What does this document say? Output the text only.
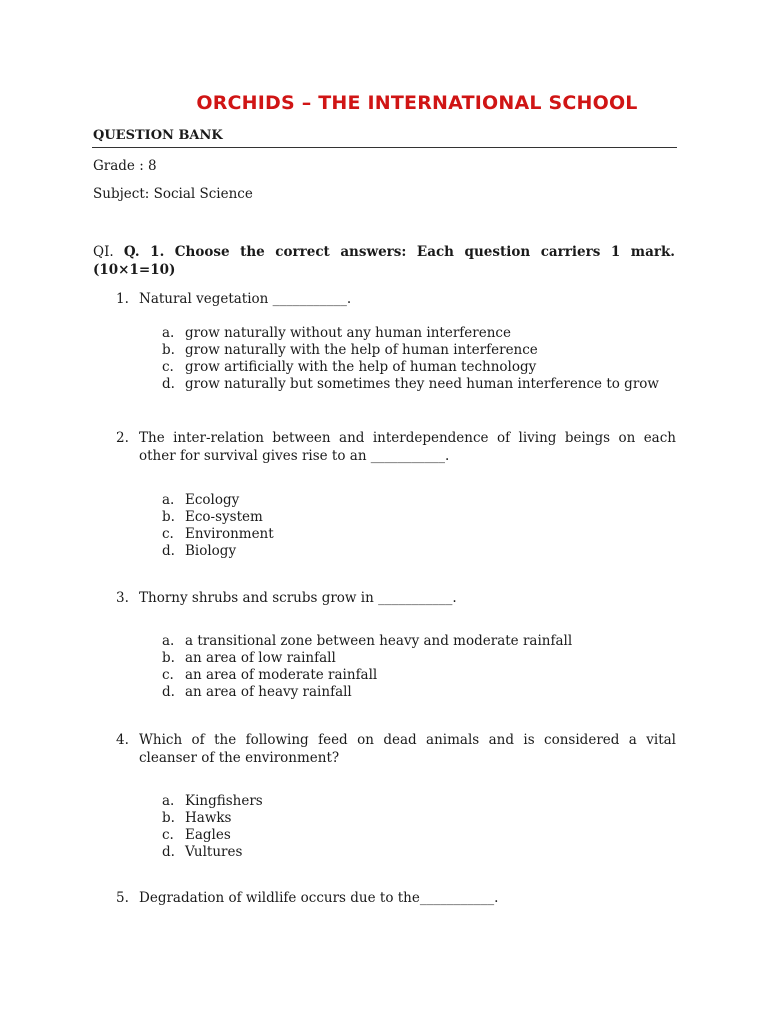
ORCHIDS – THE INTERNATIONAL SCHOOL
QUESTION BANK
Grade : 8
Subject: Social Science
QI. Q. 1. Choose the correct answers: Each question carriers 1 mark. (10×1=10)
1. Natural vegetation ___________.
a. grow naturally without any human interference
b. grow naturally with the help of human interference
c. grow artificially with the help of human technology
d. grow naturally but sometimes they need human interference to grow
2. The inter-relation between and interdependence of living beings on each other for survival gives rise to an ___________.
a. Ecology
b. Eco-system
c. Environment
d. Biology
3. Thorny shrubs and scrubs grow in ___________.
a. a transitional zone between heavy and moderate rainfall
b. an area of low rainfall
c. an area of moderate rainfall
d. an area of heavy rainfall
4. Which of the following feed on dead animals and is considered a vital cleanser of the environment?
a. Kingfishers
b. Hawks
c. Eagles
d. Vultures
5. Degradation of wildlife occurs due to the___________.
